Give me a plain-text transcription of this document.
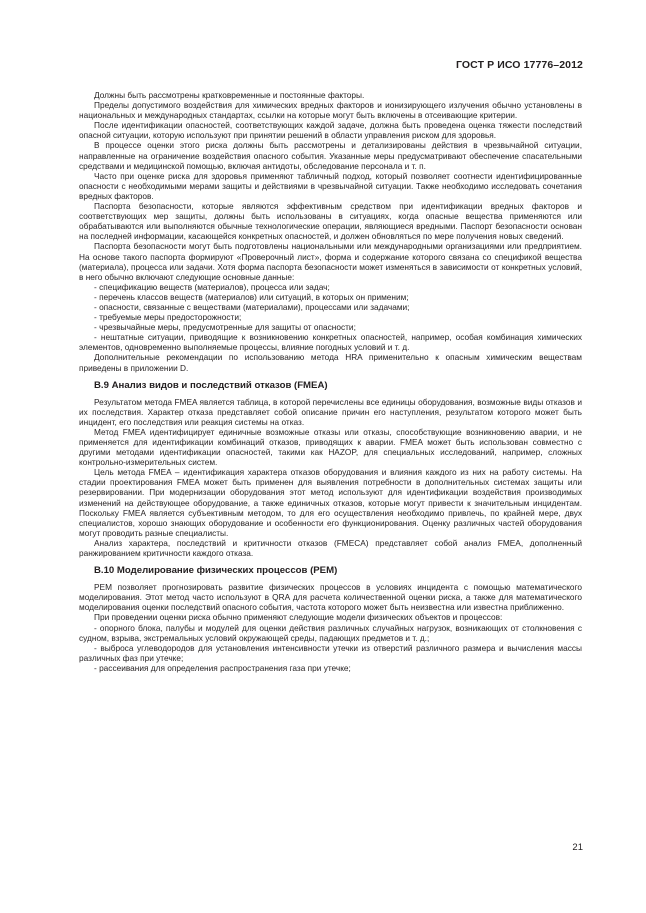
ГОСТ Р ИСО 17776–2012

Должны быть рассмотрены кратковременные и постоянные факторы.

Пределы допустимого воздействия для химических вредных факторов и ионизирующего излучения обычно установлены в национальных и международных стандартах, ссылки на которые могут быть включены в отсеивающие критерии.

После идентификации опасностей, соответствующих каждой задаче, должна быть проведена оценка тяжести последствий опасной ситуации, которую используют при принятии решений в области управления риском для здоровья.

В процессе оценки этого риска должны быть рассмотрены и детализированы действия в чрезвычайной ситуации, направленные на ограничение воздействия опасного события. Указанные меры предусматривают обеспечение спасательными средствами и медицинской помощью, включая антидоты, обследование персонала и т. п.

Часто при оценке риска для здоровья применяют табличный подход, который позволяет соотнести идентифицированные опасности с необходимыми мерами защиты и действиями в чрезвычайной ситуации. Также необходимо исследовать сочетания вредных факторов.

Паспорта безопасности, которые являются эффективным средством при идентификации вредных факторов и соответствующих мер защиты, должны быть использованы в ситуациях, когда опасные вещества применяются или обрабатываются или выполняются обычные технологические операции, являющиеся вредными. Паспорт безопасности основан на последней информации, касающейся конкретных опасностей, и должен обновляться по мере получения новых сведений.

Паспорта безопасности могут быть подготовлены национальными или международными организациями или предприятием. На основе такого паспорта формируют «Проверочный лист», форма и содержание которого связана со спецификой вещества (материала), процесса или задачи. Хотя форма паспорта безопасности может изменяться в зависимости от конкретных условий, в него обычно включают следующие основные данные:

- спецификацию веществ (материалов), процесса или задач;

- перечень классов веществ (материалов) или ситуаций, в которых он применим;

- опасности, связанные с веществами (материалами), процессами или задачами;

- требуемые меры предосторожности;

- чрезвычайные меры, предусмотренные для защиты от опасности;

- нештатные ситуации, приводящие к возникновению конкретных опасностей, например, особая комбинация химических элементов, одновременно выполняемые процессы, влияние погодных условий и т. д.

Дополнительные рекомендации по использованию метода HRA применительно к опасным химическим веществам приведены в приложении D.

B.9 Анализ видов и последствий отказов (FMEA)

Результатом метода FMEA является таблица, в которой перечислены все единицы оборудования, возможные виды отказов и их последствия. Характер отказа представляет собой описание причин его наступления, результатом которого может быть инцидент, его последствия или реакция системы на отказ.

Метод FMEA идентифицирует единичные возможные отказы или отказы, способствующие возникновению аварии, и не применяется для идентификации комбинаций отказов, приводящих к аварии. FMEA может быть использован совместно с другими методами идентификации опасностей, такими как HAZOP, для специальных исследований, например, сложных контрольно-измерительных систем.

Цель метода FMEA – идентификация характера отказов оборудования и влияния каждого из них на работу системы. На стадии проектирования FMEA может быть применен для выявления потребности в дополнительных системах защиты или резервировании. При модернизации оборудования этот метод используют для идентификации воздействия производимых изменений на действующее оборудование, а также единичных отказов, которые могут привести к значительным инцидентам. Поскольку FMEA является субъективным методом, то для его осуществления необходимо привлечь, по крайней мере, двух специалистов, хорошо знающих оборудование и особенности его функционирования. Оценку различных частей оборудования могут проводить разные специалисты.

Анализ характера, последствий и критичности отказов (FMECA) представляет собой анализ FMEA, дополненный ранжированием критичности каждого отказа.

B.10 Моделирование физических процессов (PEM)

PEM позволяет прогнозировать развитие физических процессов в условиях инцидента с помощью математического моделирования. Этот метод часто используют в QRA для расчета количественной оценки риска, а также для математического моделирования оценки последствий опасного события, частота которого может быть неизвестна или известна приближенно.

При проведении оценки риска обычно применяют следующие модели физических объектов и процессов:

- опорного блока, палубы и модулей для оценки действия различных случайных нагрузок, возникающих от столкновения с судном, взрыва, экстремальных условий окружающей среды, падающих предметов и т. д.;

- выброса углеводородов для установления интенсивности утечки из отверстий различного размера и вычисления массы различных фаз при утечке;

- рассеивания для определения распространения газа при утечке;

21
